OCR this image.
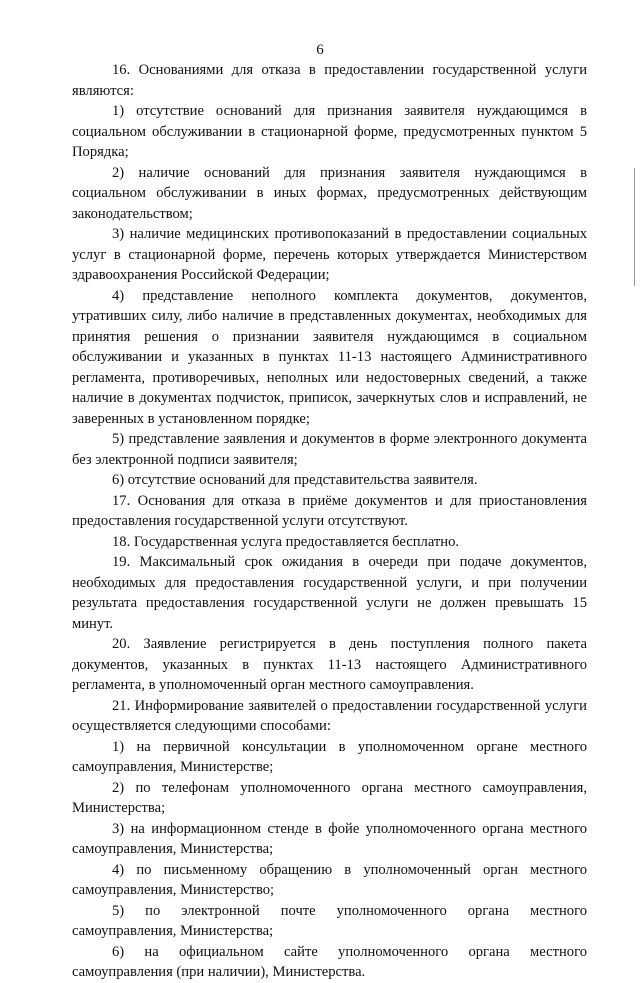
6

16. Основаниями для отказа в предоставлении государственной услуги являются:

1) отсутствие оснований для признания заявителя нуждающимся в социальном обслуживании в стационарной форме, предусмотренных пунктом 5 Порядка;

2) наличие оснований для признания заявителя нуждающимся в социальном обслуживании в иных формах, предусмотренных действующим законодательством;

3) наличие медицинских противопоказаний в предоставлении социальных услуг в стационарной форме, перечень которых утверждается Министерством здравоохранения Российской Федерации;

4) представление неполного комплекта документов, документов, утративших силу, либо наличие в представленных документах, необходимых для принятия решения о признании заявителя нуждающимся в социальном обслуживании и указанных в пунктах 11-13 настоящего Административного регламента, противоречивых, неполных или недостоверных сведений, а также наличие в документах подчисток, приписок, зачеркнутых слов и исправлений, не заверенных в установленном порядке;

5) представление заявления и документов в форме электронного документа без электронной подписи заявителя;

6) отсутствие оснований для представительства заявителя.

17. Основания для отказа в приёме документов и для приостановления предоставления государственной услуги отсутствуют.

18. Государственная услуга предоставляется бесплатно.

19. Максимальный срок ожидания в очереди при подаче документов, необходимых для предоставления государственной услуги, и при получении результата предоставления государственной услуги не должен превышать 15 минут.

20. Заявление регистрируется в день поступления полного пакета документов, указанных в пунктах 11-13 настоящего Административного регламента, в уполномоченный орган местного самоуправления.

21. Информирование заявителей о предоставлении государственной услуги осуществляется следующими способами:

1) на первичной консультации в уполномоченном органе местного самоуправления, Министерстве;

2) по телефонам уполномоченного органа местного самоуправления, Министерства;

3) на информационном стенде в фойе уполномоченного органа местного самоуправления, Министерства;

4) по письменному обращению в уполномоченный орган местного самоуправления, Министерство;

5) по электронной почте уполномоченного органа местного самоуправления, Министерства;

6) на официальном сайте уполномоченного органа местного самоуправления (при наличии), Министерства.
